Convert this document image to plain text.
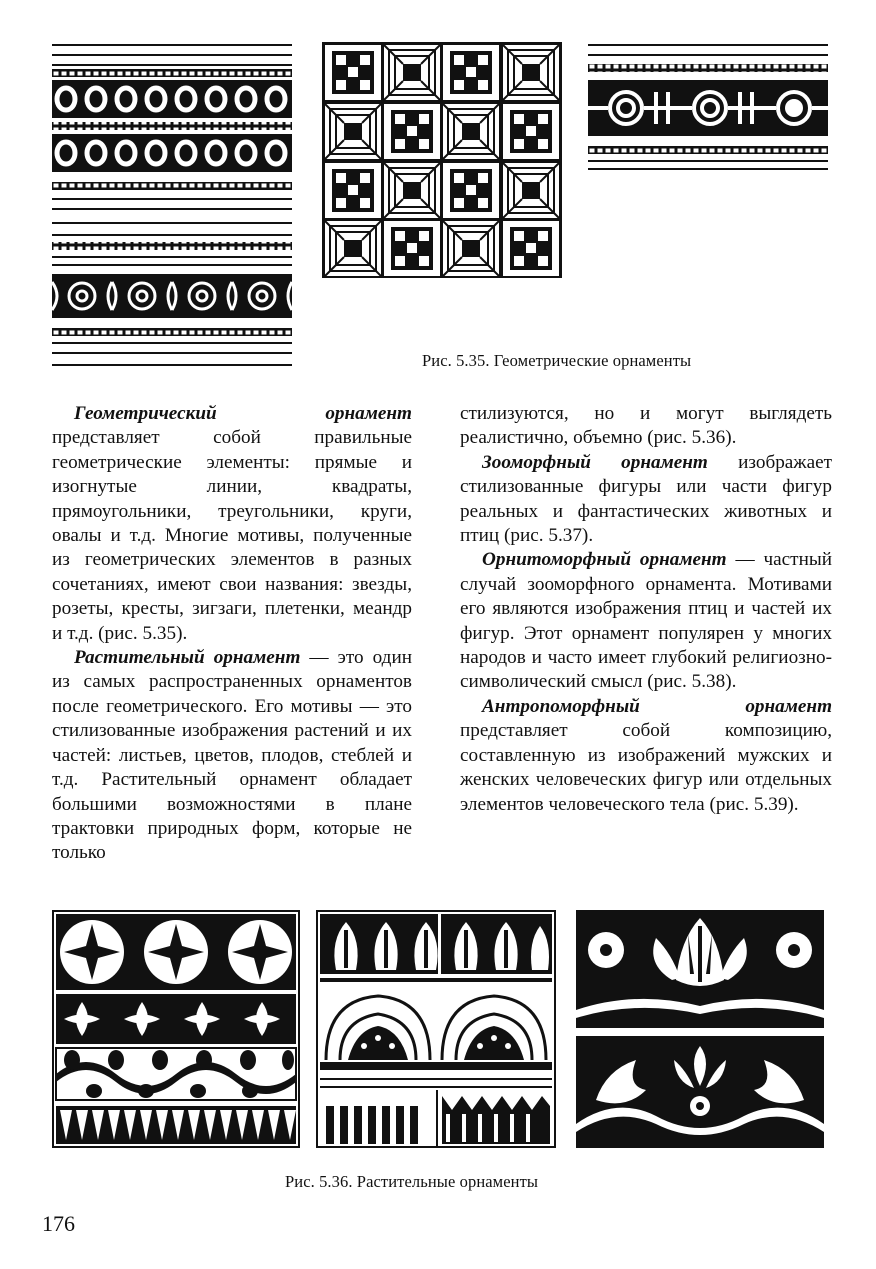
Рис. 5.35. Геометрические орнаменты

Геометрический орнамент представляет собой правильные геометрические элементы: прямые и изогнутые линии, квадраты, прямоугольники, треугольники, круги, овалы и т.д. Многие мотивы, полученные из геометрических элементов в разных сочетаниях, имеют свои названия: звезды, розеты, кресты, зигзаги, плетенки, меандр и т.д. (рис. 5.35).

Растительный орнамент — это один из самых распространенных орнаментов после геометрического. Его мотивы — это стилизованные изображения растений и их частей: листьев, цветов, плодов, стеблей и т.д. Растительный орнамент обладает большими возможностями в плане трактовки природных форм, которые не только

стилизуются, но и могут выглядеть реалистично, объемно (рис. 5.36).

Зооморфный орнамент изображает стилизованные фигуры или части фигур реальных и фантастических животных и птиц (рис. 5.37).

Орнитоморфный орнамент — частный случай зооморфного орнамента. Мотивами его являются изображения птиц и частей их фигур. Этот орнамент популярен у многих народов и часто имеет глубокий религиозно-символический смысл (рис. 5.38).

Антропоморфный орнамент представляет собой композицию, составленную из изображений мужских и женских человеческих фигур или отдельных элементов человеческого тела (рис. 5.39).

Рис. 5.36. Растительные орнаменты
176
